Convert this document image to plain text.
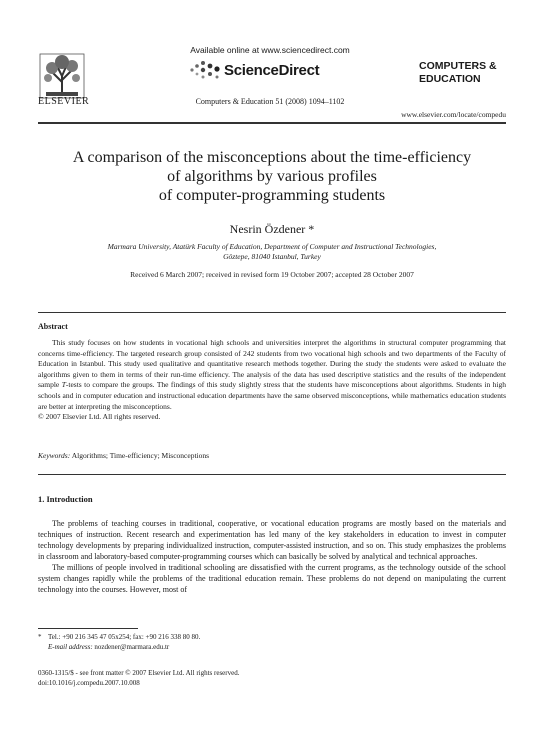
ELSEVIER
Available online at www.sciencedirect.com
ScienceDirect
Computers & Education 51 (2008) 1094–1102
COMPUTERS &
EDUCATION
www.elsevier.com/locate/compedu
A comparison of the misconceptions about the time-efficiency
of algorithms by various profiles
of computer-programming students
Nesrin Özdener *
Marmara University, Atatürk Faculty of Education, Department of Computer and Instructional Technologies,
Göztepe, 81040 Istanbul, Turkey
Received 6 March 2007; received in revised form 19 October 2007; accepted 28 October 2007
Abstract

This study focuses on how students in vocational high schools and universities interpret the algorithms in structural computer programming that concerns time-efficiency. The targeted research group consisted of 242 students from two vocational high schools and two departments of the Faculty of Education in Istanbul. This study used qualitative and quantitative research methods together. During the study the students were asked to evaluate the algorithms given to them in terms of their run-time efficiency. The analysis of the data has used descriptive statistics and the results of the independent sample T-tests to compare the groups. The findings of this study slightly stress that the students have misconceptions about algorithms. Students in high schools and in computer education and instructional education departments have the same observed misconceptions, while mathematics education students are better at interpreting the misconceptions.

© 2007 Elsevier Ltd. All rights reserved.
Keywords: Algorithms; Time-efficiency; Misconceptions
1. Introduction

The problems of teaching courses in traditional, cooperative, or vocational education programs are mostly based on the materials and techniques of instruction. Recent research and experimentation has led many of the key stakeholders in education to invest in computer technology developments by preparing individualized instruction, computer-assisted instruction, and so on. This study emphasizes the problems in classroom and laboratory-based computer-programming courses which can basically be solved by analytical and technical approaches.

The millions of people involved in traditional schooling are dissatisfied with the current programs, as the technology outside of the school system changes rapidly while the problems of the traditional education remain. These problems do not depend on manipulating the current technology into the courses. However, most of

* Tel.: +90 216 345 47 05x254; fax: +90 216 338 80 80.
E-mail address: nozdener@marmara.edu.tr
0360-1315/$ - see front matter © 2007 Elsevier Ltd. All rights reserved.
doi:10.1016/j.compedu.2007.10.008
